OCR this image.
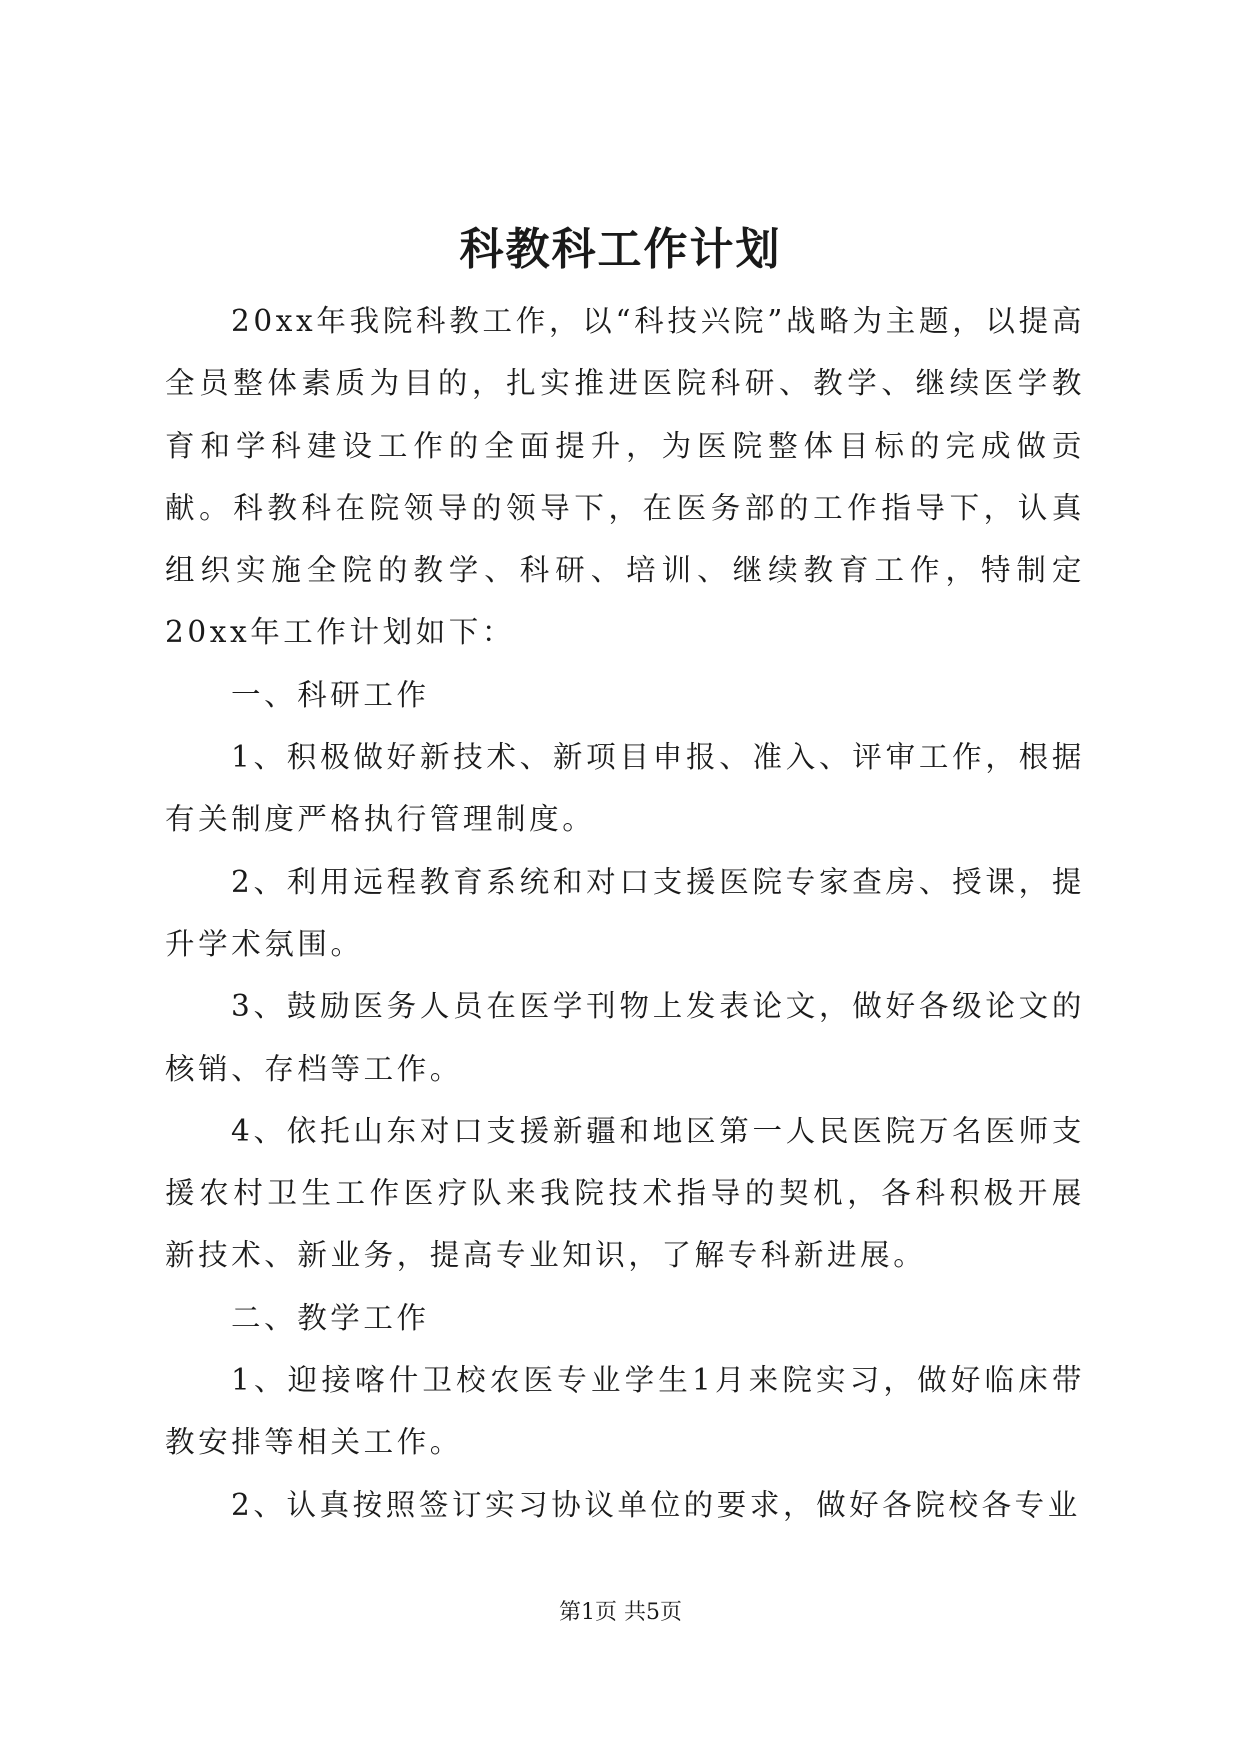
科教科工作计划

20xx年我院科教工作，以“科技兴院”战略为主题，以提高全员整体素质为目的，扎实推进医院科研、教学、继续医学教育和学科建设工作的全面提升，为医院整体目标的完成做贡献。科教科在院领导的领导下，在医务部的工作指导下，认真组织实施全院的教学、科研、培训、继续教育工作，特制定20xx年工作计划如下：

一、科研工作

1、积极做好新技术、新项目申报、准入、评审工作，根据有关制度严格执行管理制度。

2、利用远程教育系统和对口支援医院专家查房、授课，提升学术氛围。

3、鼓励医务人员在医学刊物上发表论文，做好各级论文的核销、存档等工作。

4、依托山东对口支援新疆和地区第一人民医院万名医师支援农村卫生工作医疗队来我院技术指导的契机，各科积极开展新技术、新业务，提高专业知识，了解专科新进展。

二、教学工作

1、迎接喀什卫校农医专业学生1月来院实习，做好临床带教安排等相关工作。

2、认真按照签订实习协议单位的要求，做好各院校各专业

第1页 共5页
